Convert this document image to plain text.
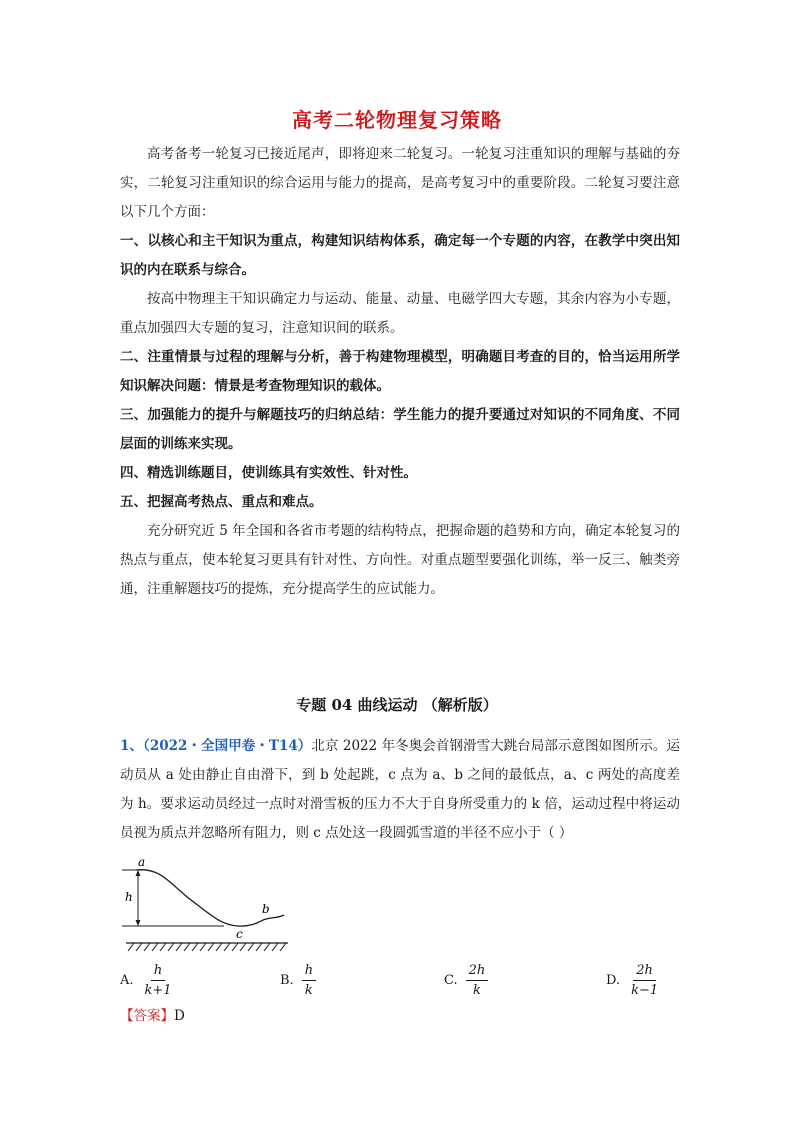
高考二轮物理复习策略
高考备考一轮复习已接近尾声，即将迎来二轮复习。一轮复习注重知识的理解与基础的夯实，二轮复习注重知识的综合运用与能力的提高，是高考复习中的重要阶段。二轮复习要注意以下几个方面：
一、以核心和主干知识为重点，构建知识结构体系，确定每一个专题的内容，在教学中突出知识的内在联系与综合。
按高中物理主干知识确定力与运动、能量、动量、电磁学四大专题，其余内容为小专题，重点加强四大专题的复习，注意知识间的联系。
二、注重情景与过程的理解与分析，善于构建物理模型，明确题目考查的目的，恰当运用所学知识解决问题：情景是考查物理知识的载体。
三、加强能力的提升与解题技巧的归纳总结：学生能力的提升要通过对知识的不同角度、不同层面的训练来实现。
四、精选训练题目，使训练具有实效性、针对性。
五、把握高考热点、重点和难点。
充分研究近 5 年全国和各省市考题的结构特点，把握命题的趋势和方向，确定本轮复习的热点与重点，使本轮复习更具有针对性、方向性。对重点题型要强化训练，举一反三、触类旁通，注重解题技巧的提炼，充分提高学生的应试能力。
专题 04 曲线运动 （解析版）
1、（2022・全国甲卷・T14）北京 2022 年冬奥会首钢滑雪大跳台局部示意图如图所示。运动员从 a 处由静止自由滑下，到 b 处起跳，c 点为 a、b 之间的最低点，a、c 两处的高度差为 h。要求运动员经过一点时对滑雪板的压力不大于自身所受重力的 k 倍，运动过程中将运动员视为质点并忽略所有阻力，则 c 点处这一段圆弧雪道的半径不应小于（ ）
a
h
c
b
A. $\frac{h}{k+1}$	B. $\frac{h}{k}$	C. $\frac{2h}{k}$	D. $\frac{2h}{k-1}$
【答案】D
